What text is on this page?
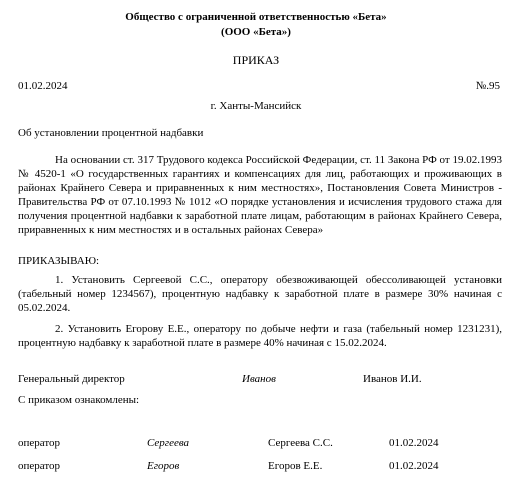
Общество с ограниченной ответственностью «Бета»
(ООО «Бета»)
ПРИКАЗ
01.02.2024	№.95
г. Ханты-Мансийск
Об установлении процентной надбавки
На основании ст. 317 Трудового кодекса Российской Федерации, ст. 11 Закона РФ от 19.02.1993 № 4520-1 «О государственных гарантиях и компенсациях для лиц, работающих и проживающих в районах Крайнего Севера и приравненных к ним местностях», Постановления Совета Министров - Правительства РФ от 07.10.1993 № 1012 «О порядке установления и исчисления трудового стажа для получения процентной надбавки к заработной плате лицам, работающим в районах Крайнего Севера, приравненных к ним местностях и в остальных районах Севера»
ПРИКАЗЫВАЮ:
1. Установить Сергеевой С.С., оператору обезвоживающей обессоливающей установки (табельный номер 1234567), процентную надбавку к заработной плате в размере 30% начиная с 05.02.2024.
2. Установить Егорову Е.Е., оператору по добыче нефти и газа (табельный номер 1231231), процентную надбавку к заработной плате в размере 40% начиная с 15.02.2024.
Генеральный директор	Иванов	Иванов И.И.
С приказом ознакомлены:
оператор	Сергеева	Сергеева С.С.	01.02.2024
оператор	Егоров	Егоров Е.Е.	01.02.2024
